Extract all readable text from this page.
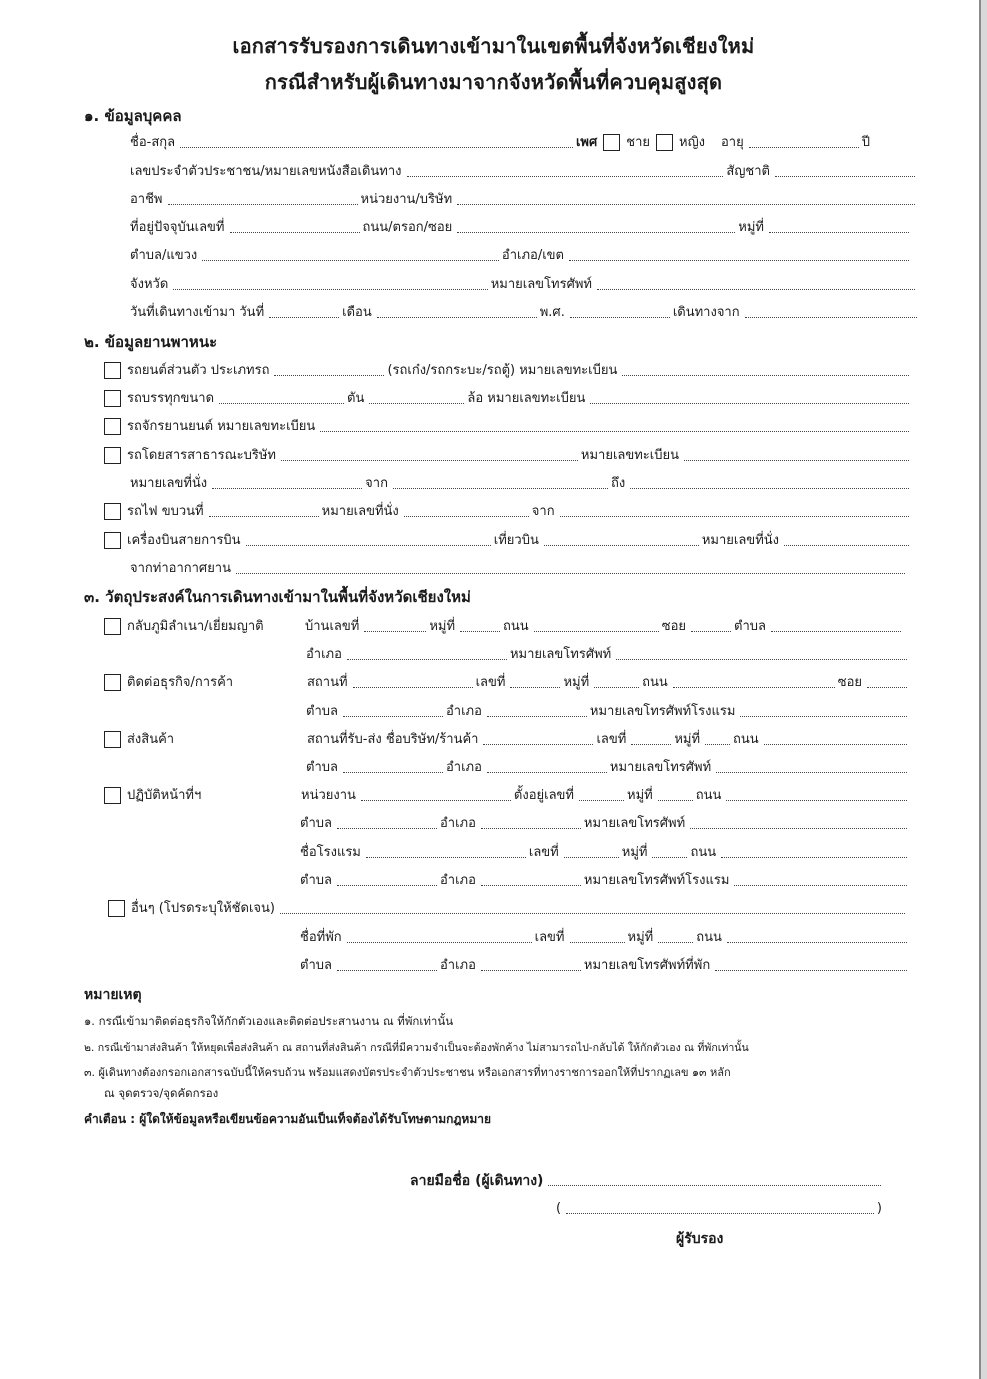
เอกสารรับรองการเดินทางเข้ามาในเขตพื้นที่จังหวัดเชียงใหม่
กรณีสำหรับผู้เดินทางมาจากจังหวัดพื้นที่ควบคุมสูงสุด
๑. ข้อมูลบุคคล
ชื่อ-สกุล	เพศ ชาย หญิง อายุ	ปี
เลขประจำตัวประชาชน/หมายเลขหนังสือเดินทาง	สัญชาติ
อาชีพ	หน่วยงาน/บริษัท
ที่อยู่ปัจจุบันเลขที่	ถนน/ตรอก/ซอย	หมู่ที่
ตำบล/แขวง	อำเภอ/เขต
จังหวัด	หมายเลขโทรศัพท์
วันที่เดินทางเข้ามา วันที่	เดือน	พ.ศ.	เดินทางจาก
๒. ข้อมูลยานพาหนะ
รถยนต์ส่วนตัว ประเภทรถ	(รถเก๋ง/รถกระบะ/รถตู้) หมายเลขทะเบียน
รถบรรทุกขนาด	ตัน	ล้อ หมายเลขทะเบียน
รถจักรยานยนต์ หมายเลขทะเบียน
รถโดยสารสาธารณะบริษัท	หมายเลขทะเบียน
หมายเลขที่นั่ง	จาก	ถึง
รถไฟ ขบวนที่	หมายเลขที่นั่ง	จาก
เครื่องบินสายการบิน	เที่ยวบิน	หมายเลขที่นั่ง
จากท่าอากาศยาน
๓. วัตถุประสงค์ในการเดินทางเข้ามาในพื้นที่จังหวัดเชียงใหม่
กลับภูมิลำเนา/เยี่ยมญาติ	บ้านเลขที่	หมู่ที่	ถนน	ซอย	ตำบล
อำเภอ	หมายเลขโทรศัพท์
ติดต่อธุรกิจ/การค้า	สถานที่	เลขที่	หมู่ที่	ถนน	ซอย
ตำบล	อำเภอ	หมายเลขโทรศัพท์โรงแรม
ส่งสินค้า	สถานที่รับ-ส่ง ชื่อบริษัท/ร้านค้า	เลขที่	หมู่ที่	ถนน
ตำบล	อำเภอ	หมายเลขโทรศัพท์
ปฏิบัติหน้าที่ฯ	หน่วยงาน	ตั้งอยู่เลขที่	หมู่ที่	ถนน
ตำบล	อำเภอ	หมายเลขโทรศัพท์
ชื่อโรงแรม	เลขที่	หมู่ที่	ถนน
ตำบล	อำเภอ	หมายเลขโทรศัพท์โรงแรม
อื่นๆ (โปรดระบุให้ชัดเจน)
ชื่อที่พัก	เลขที่	หมู่ที่	ถนน
ตำบล	อำเภอ	หมายเลขโทรศัพท์ที่พัก
หมายเหตุ
๑. กรณีเข้ามาติดต่อธุรกิจให้กักตัวเองและติดต่อประสานงาน ณ ที่พักเท่านั้น
๒. กรณีเข้ามาส่งสินค้า ให้หยุดเพื่อส่งสินค้า ณ สถานที่ส่งสินค้า กรณีที่มีความจำเป็นจะต้องพักค้าง ไม่สามารถไป-กลับได้ ให้กักตัวเอง ณ ที่พักเท่านั้น
๓. ผู้เดินทางต้องกรอกเอกสารฉบับนี้ให้ครบถ้วน พร้อมแสดงบัตรประจำตัวประชาชน หรือเอกสารที่ทางราชการออกให้ที่ปรากฏเลข ๑๓ หลัก
ณ จุดตรวจ/จุดคัดกรอง
คำเตือน : ผู้ใดให้ข้อมูลหรือเขียนข้อความอันเป็นเท็จต้องได้รับโทษตามกฎหมาย
ลายมือชื่อ (ผู้เดินทาง)
(	)
ผู้รับรอง
